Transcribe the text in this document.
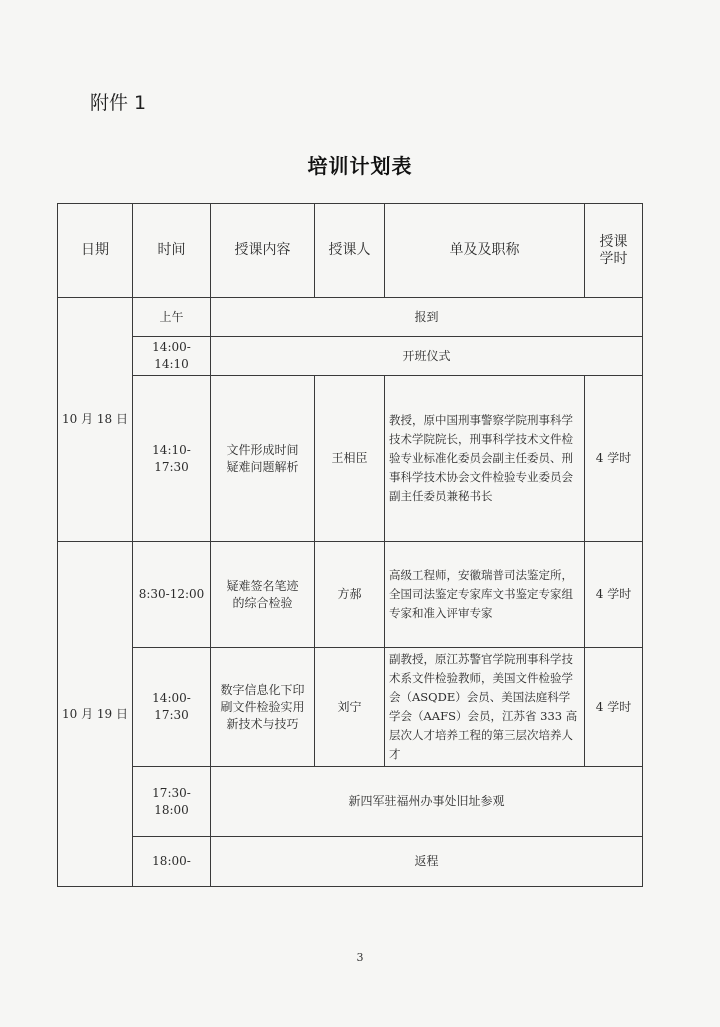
附件 1
培训计划表
日期	时间	授课内容	授课人	单及及职称	授课
学时
10 月 18 日	上午	报到			
	14:00-14:10	开班仪式			
	14:10-17:30	文件形成时间
疑难问题解析	王相臣	教授，原中国刑事警察学院刑事科学技术学院院长，刑事科学技术文件检验专业标准化委员会副主任委员、刑事科学技术协会文件检验专业委员会副主任委员兼秘书长	4 学时
10 月 19 日	8:30-12:00	疑难签名笔迹
的综合检验	方郝	高级工程师，安徽瑞普司法鉴定所，全国司法鉴定专家库文书鉴定专家组专家和准入评审专家	4 学时
	14:00-17:30	数字信息化下印
刷文件检验实用
新技术与技巧	刘宁	副教授，原江苏警官学院刑事科学技术系文件检验教师，美国文件检验学会（ASQDE）会员、美国法庭科学学会（AAFS）会员，江苏省 333 高层次人才培养工程的第三层次培养人才	4 学时
	17:30-18:00	新四军驻福州办事处旧址参观			
	18:00-	返程			
3
